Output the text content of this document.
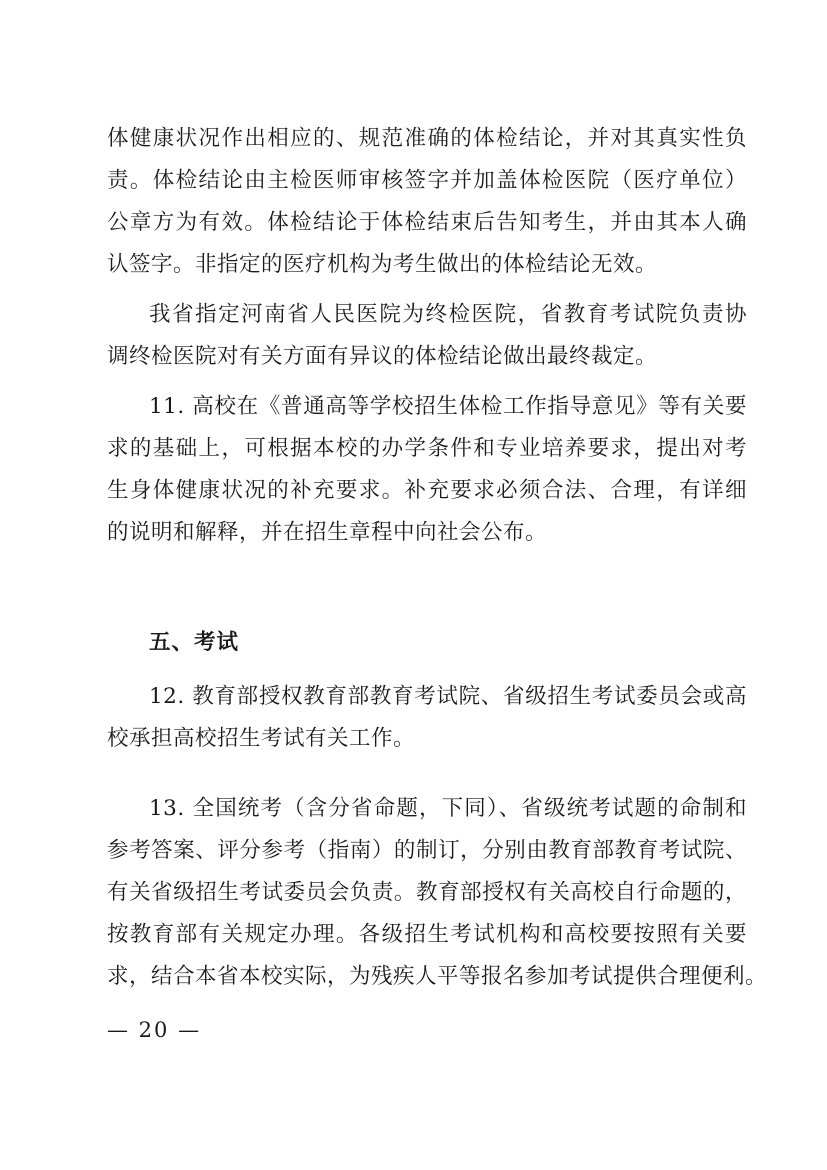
体健康状况作出相应的、规范准确的体检结论，并对其真实性负
责。体检结论由主检医师审核签字并加盖体检医院（医疗单位）
公章方为有效。体检结论于体检结束后告知考生，并由其本人确
认签字。非指定的医疗机构为考生做出的体检结论无效。
我省指定河南省人民医院为终检医院，省教育考试院负责协
调终检医院对有关方面有异议的体检结论做出最终裁定。
11. 高校在《普通高等学校招生体检工作指导意见》等有关要
求的基础上，可根据本校的办学条件和专业培养要求，提出对考
生身体健康状况的补充要求。补充要求必须合法、合理，有详细
的说明和解释，并在招生章程中向社会公布。
五、考试
12. 教育部授权教育部教育考试院、省级招生考试委员会或高
校承担高校招生考试有关工作。
13. 全国统考（含分省命题，下同）、省级统考试题的命制和
参考答案、评分参考（指南）的制订，分别由教育部教育考试院、
有关省级招生考试委员会负责。教育部授权有关高校自行命题的，
按教育部有关规定办理。各级招生考试机构和高校要按照有关要
求，结合本省本校实际，为残疾人平等报名参加考试提供合理便利。
— 20 —
